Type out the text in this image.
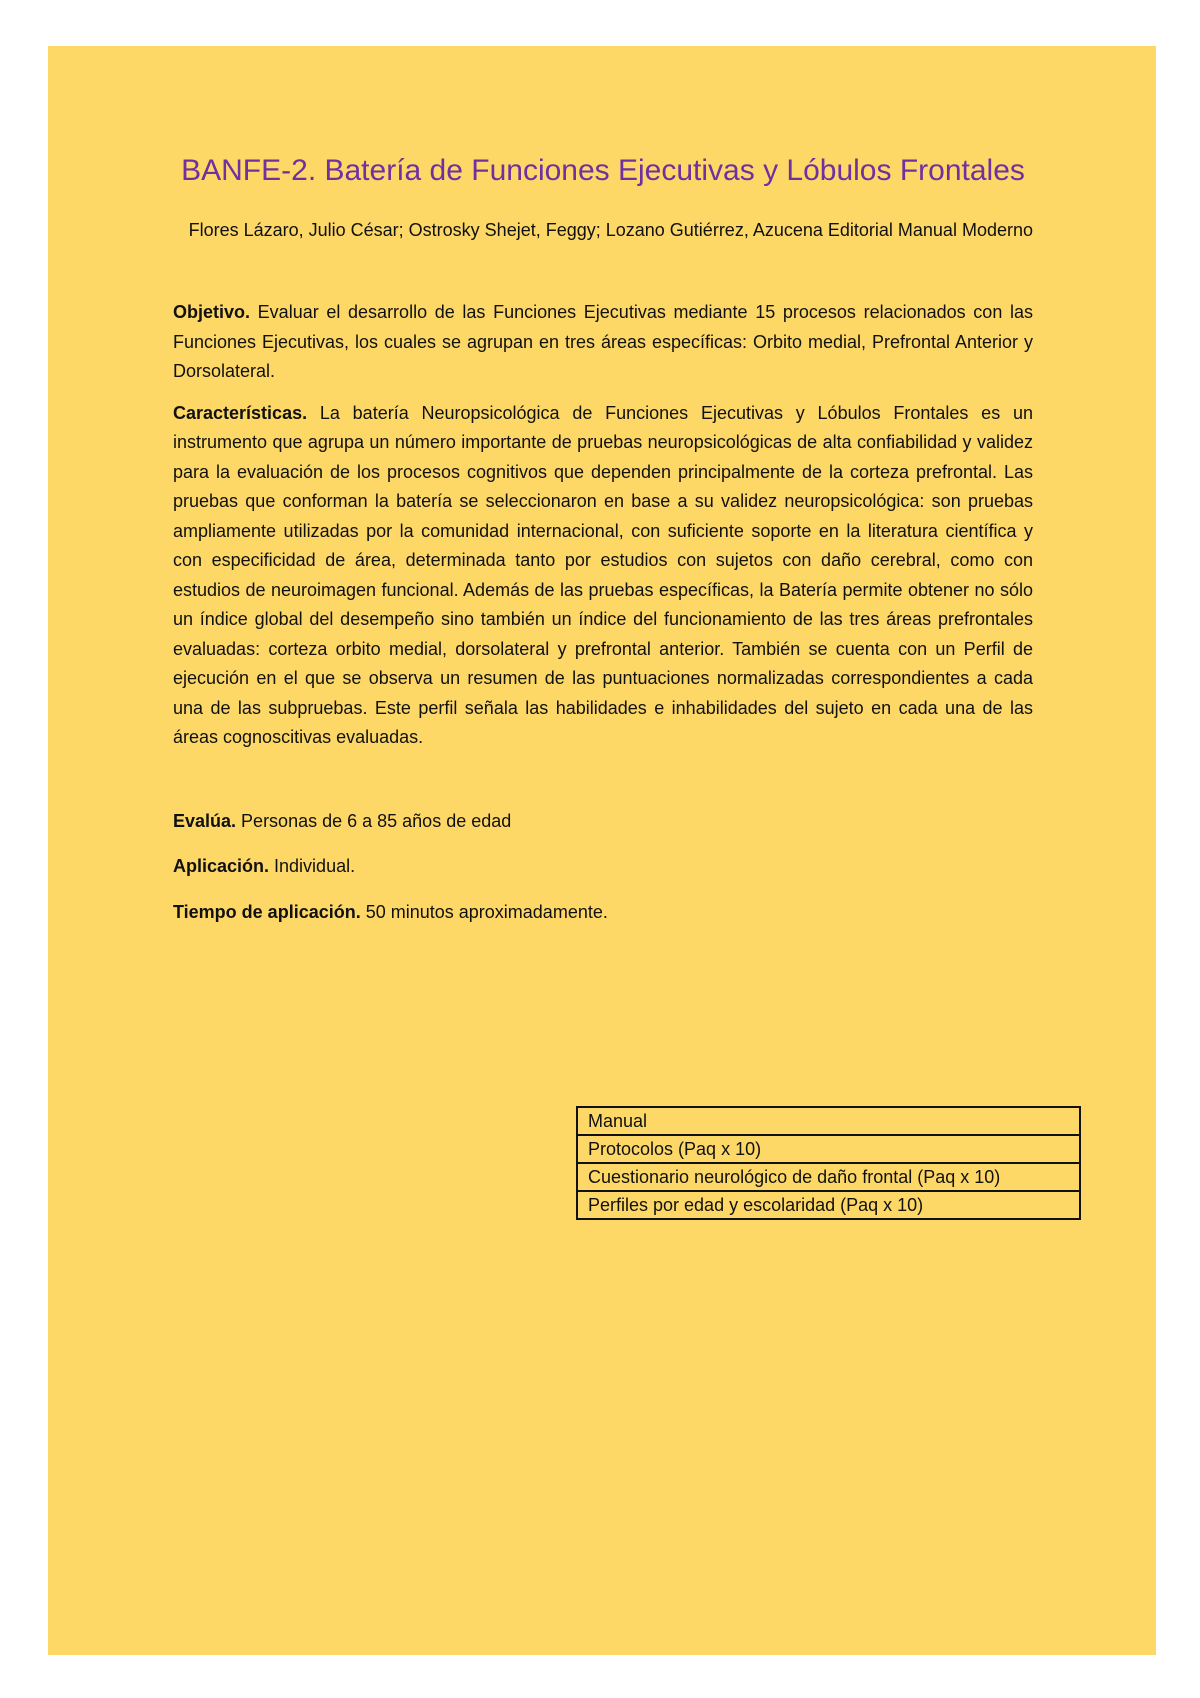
BANFE-2. Batería de Funciones Ejecutivas y Lóbulos Frontales

Flores Lázaro, Julio César; Ostrosky Shejet, Feggy; Lozano Gutiérrez, Azucena Editorial Manual Moderno

Objetivo. Evaluar el desarrollo de las Funciones Ejecutivas mediante 15 procesos relacionados con las Funciones Ejecutivas, los cuales se agrupan en tres áreas específicas: Orbito medial, Prefrontal Anterior y Dorsolateral.

Características. La batería Neuropsicológica de Funciones Ejecutivas y Lóbulos Frontales es un instrumento que agrupa un número importante de pruebas neuropsicológicas de alta confiabilidad y validez para la evaluación de los procesos cognitivos que dependen principalmente de la corteza prefrontal. Las pruebas que conforman la batería se seleccionaron en base a su validez neuropsicológica: son pruebas ampliamente utilizadas por la comunidad internacional, con suficiente soporte en la literatura científica y con especificidad de área, determinada tanto por estudios con sujetos con daño cerebral, como con estudios de neuroimagen funcional. Además de las pruebas específicas, la Batería permite obtener no sólo un índice global del desempeño sino también un índice del funcionamiento de las tres áreas prefrontales evaluadas: corteza orbito medial, dorsolateral y prefrontal anterior. También se cuenta con un Perfil de ejecución en el que se observa un resumen de las puntuaciones normalizadas correspondientes a cada una de las subpruebas. Este perfil señala las habilidades e inhabilidades del sujeto en cada una de las áreas cognoscitivas evaluadas.

Evalúa. Personas de 6 a 85 años de edad

Aplicación. Individual.

Tiempo de aplicación. 50 minutos aproximadamente.

Manual
Protocolos (Paq x 10)
Cuestionario neurológico de daño frontal (Paq x 10)
Perfiles por edad y escolaridad (Paq x 10)
